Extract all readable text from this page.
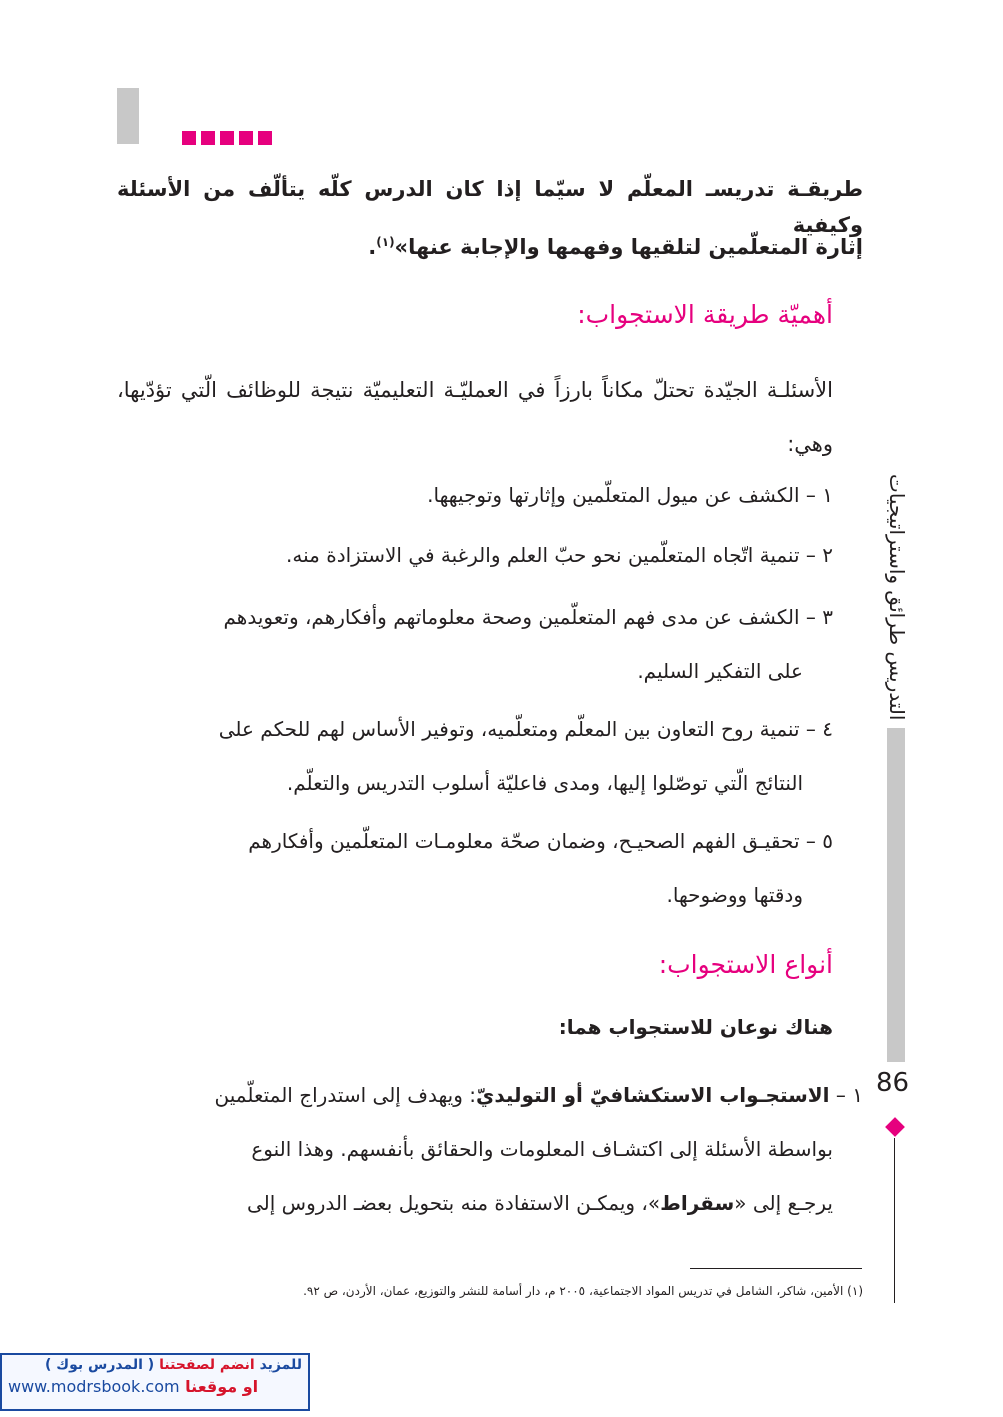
طريقـة تدريسـ المعلّم لا سيّما إذا كان الدرس كلّه يتألّف من الأسئلة وكيفية
إثارة المتعلّمين لتلقيها وفهمها والإجابة عنها»$^{(١)}$.
أهميّة طريقة الاستجواب:
الأسئلـة الجيّدة تحتلّ مكاناً بارزاً في العمليّـة التعليميّة نتيجة للوظائف الّتي تؤدّيها، وهي:
١ – الكشف عن ميول المتعلّمين وإثارتها وتوجيهها.
٢ – تنمية اتّجاه المتعلّمين نحو حبّ العلم والرغبة في الاستزادة منه.
٣ – الكشف عن مدى فهم المتعلّمين وصحة معلوماتهم وأفكارهم، وتعويدهم
على التفكير السليم.
٤ – تنمية روح التعاون بين المعلّم ومتعلّميه، وتوفير الأساس لهم للحكم على
النتائج الّتي توصّلوا إليها، ومدى فاعليّة أسلوب التدريس والتعلّم.
٥ – تحقيـق الفهم الصحيـح، وضمان صحّة معلومـات المتعلّمين وأفكارهم
ودقتها ووضوحها.
أنواع الاستجواب:
هناك نوعان للاستجواب هما:
١ – الاستجـواب الاستكشافيّ أو التوليديّ: ويهدف إلى استدراج المتعلّمين
بواسطة الأسئلة إلى اكتشـاف المعلومات والحقائق بأنفسهم. وهذا النوع
يرجـع إلى «سقراط»، ويمكـن الاستفادة منه بتحويل بعضـ الدروس إلى
التدريس طرائق واستراتيجيات
86
(١) الأمين، شاكر، الشامل في تدريس المواد الاجتماعية، ٢٠٠٥ م، دار أسامة للنشر والتوزيع، عمان، الأردن، ص ٩٢.
للمزيد انضم لصفحتنا ( المدرس بوك )
www.modrsbook.com او موقعنا
